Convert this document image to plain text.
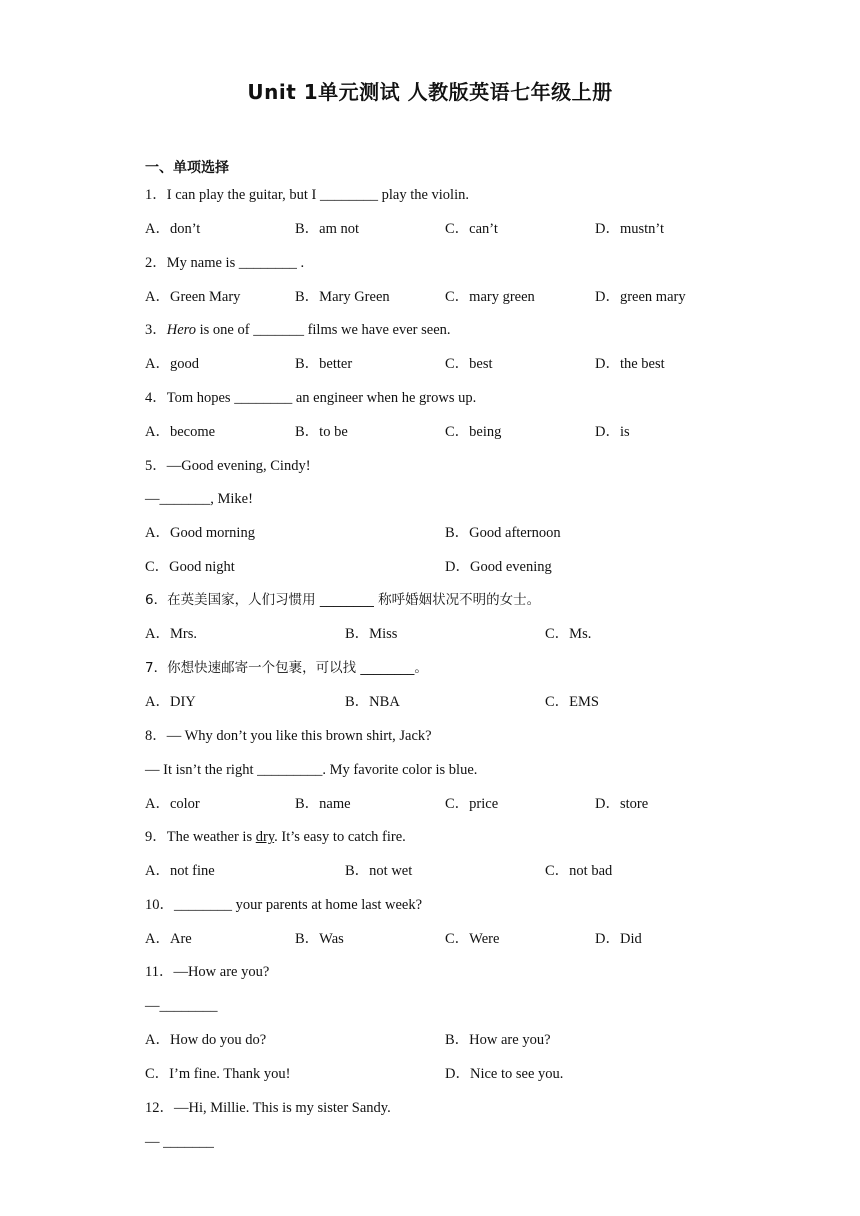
Unit 1单元测试 人教版英语七年级上册
一、单项选择
1．I can play the guitar, but I ________ play the violin.
A．don’t	B．am not	C．can’t	D．mustn’t
2．My name is ________ .
A．Green Mary	B．Mary Green	C．mary green	D．green mary
3．Hero is one of _______ films we have ever seen.
A．good	B．better	C．best	D．the best
4．Tom hopes ________ an engineer when he grows up.
A．become	B．to be	C．being	D．is
5．—Good evening, Cindy!
—_______, Mike!
A．Good morning	B．Good afternoon
C．Good night	D．Good evening
6．在英美国家，人们习惯用 ________ 称呼婚姻状况不明的女士。
A．Mrs.	B．Miss	C．Ms.
7．你想快速邮寄一个包裹，可以找 ________。
A．DIY	B．NBA	C．EMS
8．— Why don’t you like this brown shirt, Jack?
— It isn’t the right _________. My favorite color is blue.
A．color	B．name	C．price	D．store
9．The weather is dry. It’s easy to catch fire.
A．not fine	B．not wet	C．not bad
10．________ your parents at home last week?
A．Are	B．Was	C．Were	D．Did
11．—How are you?
—________
A．How do you do?	B．How are you?
C．I’m fine. Thank you!	D．Nice to see you.
12．—Hi, Millie. This is my sister Sandy.
— _______
